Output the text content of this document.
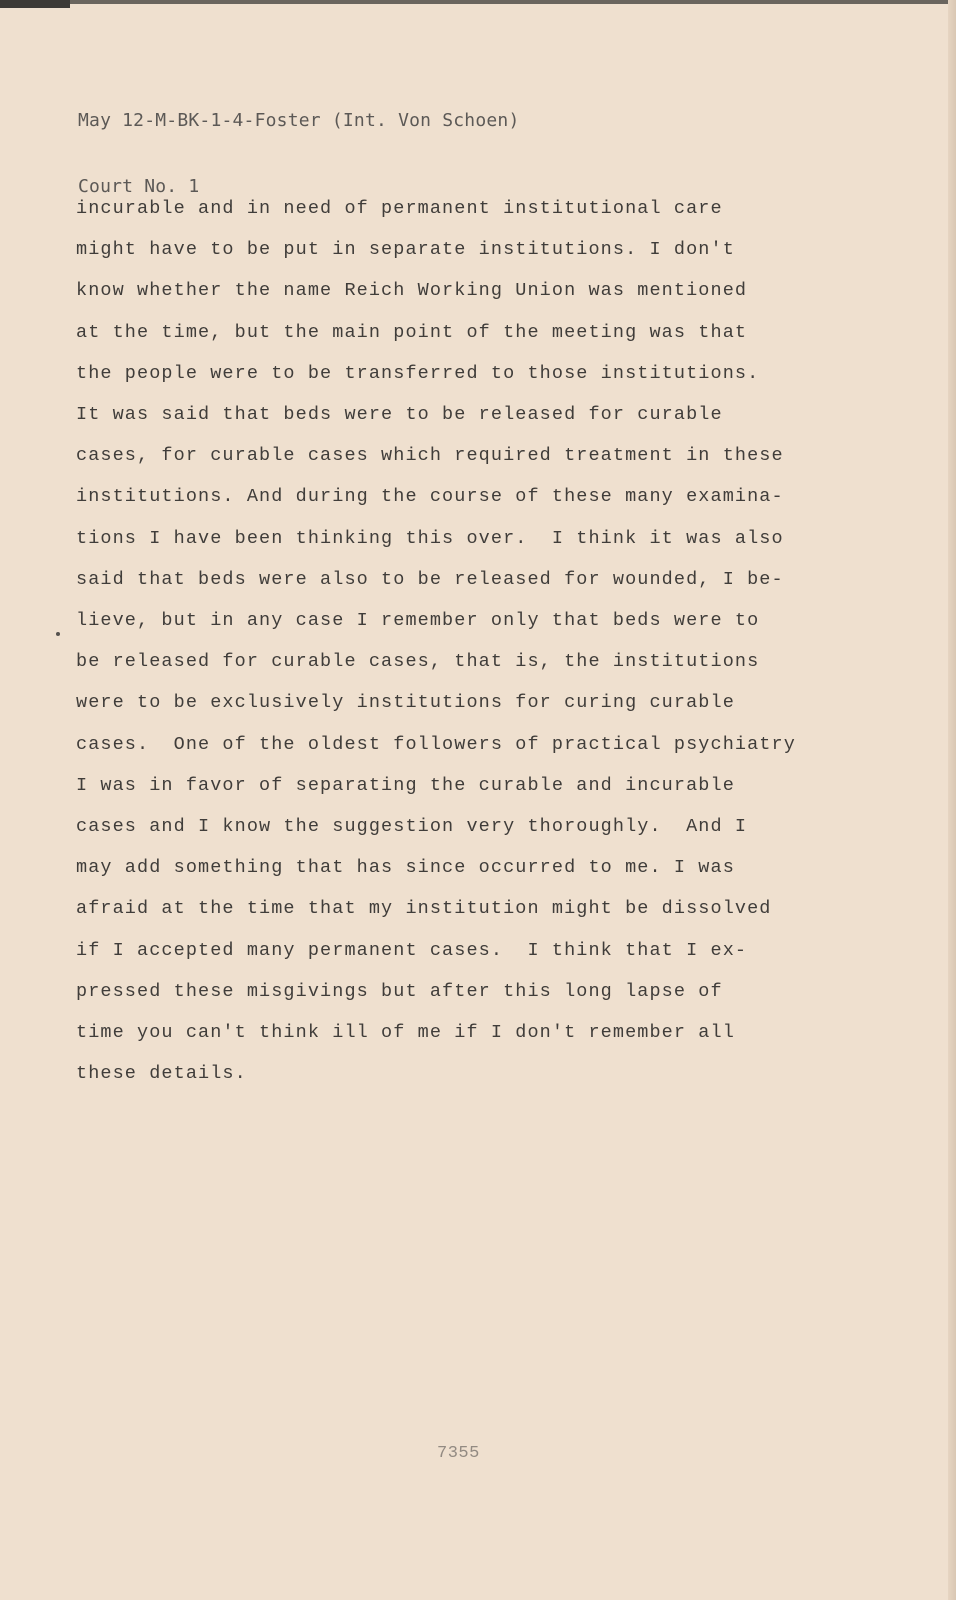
May 12-M-BK-1-4-Foster (Int. Von Schoen)

Court No. 1

incurable and in need of permanent institutional care
might have to be put in separate institutions. I don't
know whether the name Reich Working Union was mentioned
at the time, but the main point of the meeting was that
the people were to be transferred to those institutions.
It was said that beds were to be released for curable
cases, for curable cases which required treatment in these
institutions. And during the course of these many examina-
tions I have been thinking this over.  I think it was also
said that beds were also to be released for wounded, I be-
lieve, but in any case I remember only that beds were to
be released for curable cases, that is, the institutions
were to be exclusively institutions for curing curable
cases.  One of the oldest followers of practical psychiatry
I was in favor of separating the curable and incurable
cases and I know the suggestion very thoroughly.  And I
may add something that has since occurred to me. I was
afraid at the time that my institution might be dissolved
if I accepted many permanent cases.  I think that I ex-
pressed these misgivings but after this long lapse of
time you can't think ill of me if I don't remember all
these details.
7355
